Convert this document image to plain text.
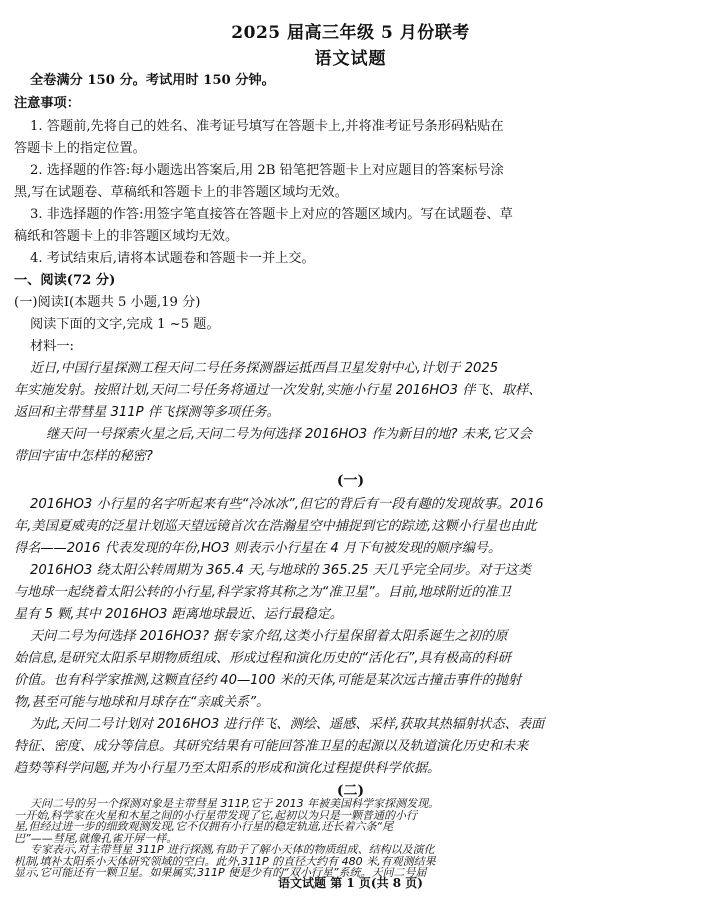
2025 届高三年级 5 月份联考
语文试题
全卷满分 150 分。考试用时 150 分钟。
注意事项：
1. 答题前,先将自己的姓名、准考证号填写在答题卡上,并将准考证号条形码粘贴在
答题卡上的指定位置。
2. 选择题的作答:每小题选出答案后,用 2B 铅笔把答题卡上对应题目的答案标号涂
黑,写在试题卷、草稿纸和答题卡上的非答题区域均无效。
3. 非选择题的作答:用签字笔直接答在答题卡上对应的答题区域内。写在试题卷、草
稿纸和答题卡上的非答题区域均无效。
4. 考试结束后,请将本试题卷和答题卡一并上交。
一、阅读(72 分)
(一)阅读Ⅰ(本题共 5 小题,19 分)
阅读下面的文字,完成 1 ~5 题。
材料一:
近日,中国行星探测工程天问二号任务探测器运抵西昌卫星发射中心,计划于 2025
年实施发射。按照计划,天问二号任务将通过一次发射,实施小行星 2016HO3 伴飞、取样、
返回和主带彗星 311P 伴飞探测等多项任务。
继天问一号探索火星之后,天问二号为何选择 2016HO3 作为新目的地? 未来,它又会
带回宇宙中怎样的秘密?
(一)
2016HO3 小行星的名字听起来有些“冷冰冰”,但它的背后有一段有趣的发现故事。2016
年,美国夏威夷的泛星计划巡天望远镜首次在浩瀚星空中捕捉到它的踪迹,这颗小行星也由此
得名——2016 代表发现的年份,HO3 则表示小行星在 4 月下旬被发现的顺序编号。
2016HO3 绕太阳公转周期为 365.4 天,与地球的 365.25 天几乎完全同步。对于这类
与地球一起绕着太阳公转的小行星,科学家将其称之为“准卫星”。目前,地球附近的准卫
星有 5 颗,其中 2016HO3 距离地球最近、运行最稳定。
天问二号为何选择 2016HO3? 据专家介绍,这类小行星保留着太阳系诞生之初的原
始信息,是研究太阳系早期物质组成、形成过程和演化历史的“活化石”,具有极高的科研
价值。也有科学家推测,这颗直径约 40—100 米的天体,可能是某次远古撞击事件的抛射
物,甚至可能与地球和月球存在“亲戚关系”。
为此,天问二号计划对 2016HO3 进行伴飞、测绘、遥感、采样,获取其热辐射状态、表面
特征、密度、成分等信息。其研究结果有可能回答准卫星的起源以及轨道演化历史和未来
趋势等科学问题,并为小行星乃至太阳系的形成和演化过程提供科学依据。
(二)
天问二号的另一个探测对象是主带彗星 311P,它于 2013 年被美国科学家探测发现。
语文试题 第 1 页(共 8 页)
一开始,科学家在火星和木星之间的小行星带发现了它,起初以为只是一颗普通的小行
星,但经过进一步的细致观测发现,它不仅拥有小行星的稳定轨道,还长着六条“尾
巴”——彗尾,就像孔雀开屏一样。
专家表示,对主带彗星 311P 进行探测,有助于了解小天体的物质组成、结构以及演化
机制,填补太阳系小天体研究领域的空白。此外,311P 的直径大约有 480 米,有观测结果
显示,它可能还有一颗卫星。如果属实,311P 便是少有的“双小行星”系统。天问二号届
